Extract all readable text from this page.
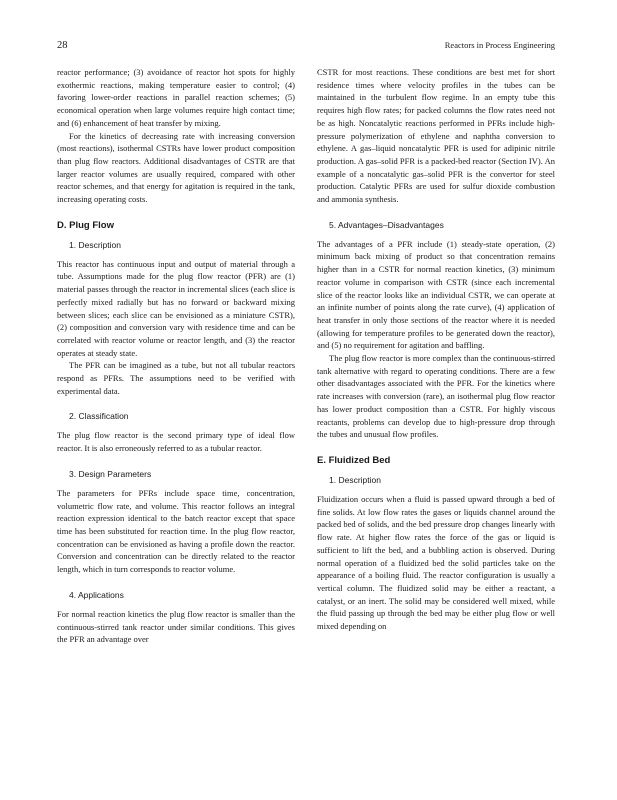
28	Reactors in Process Engineering

reactor performance; (3) avoidance of reactor hot spots for highly exothermic reactions, making temperature easier to control; (4) favoring lower-order reactions in parallel reaction schemes; (5) economical operation when large volumes require high contact time; and (6) enhancement of heat transfer by mixing.

For the kinetics of decreasing rate with increasing conversion (most reactions), isothermal CSTRs have lower product composition than plug flow reactors. Additional disadvantages of CSTR are that larger reactor volumes are usually required, compared with other reactor schemes, and that energy for agitation is required in the tank, increasing operating costs.

D. Plug Flow
1. Description

This reactor has continuous input and output of material through a tube. Assumptions made for the plug flow reactor (PFR) are (1) material passes through the reactor in incremental slices (each slice is perfectly mixed radially but has no forward or backward mixing between slices; each slice can be envisioned as a miniature CSTR), (2) composition and conversion vary with residence time and can be correlated with reactor volume or reactor length, and (3) the reactor operates at steady state.

The PFR can be imagined as a tube, but not all tubular reactors respond as PFRs. The assumptions need to be verified with experimental data.

2. Classification

The plug flow reactor is the second primary type of ideal flow reactor. It is also erroneously referred to as a tubular reactor.

3. Design Parameters

The parameters for PFRs include space time, concentration, volumetric flow rate, and volume. This reactor follows an integral reaction expression identical to the batch reactor except that space time has been substituted for reaction time. In the plug flow reactor, concentration can be envisioned as having a profile down the reactor. Conversion and concentration can be directly related to the reactor length, which in turn corresponds to reactor volume.

4. Applications

For normal reaction kinetics the plug flow reactor is smaller than the continuous-stirred tank reactor under similar conditions. This gives the PFR an advantage over

CSTR for most reactions. These conditions are best met for short residence times where velocity profiles in the tubes can be maintained in the turbulent flow regime. In an empty tube this requires high flow rates; for packed columns the flow rates need not be as high. Noncatalytic reactions performed in PFRs include high-pressure polymerization of ethylene and naphtha conversion to ethylene. A gas–liquid noncatalytic PFR is used for adipinic nitrile production. A gas–solid PFR is a packed-bed reactor (Section IV). An example of a noncatalytic gas–solid PFR is the convertor for steel production. Catalytic PFRs are used for sulfur dioxide combustion and ammonia synthesis.

5. Advantages–Disadvantages

The advantages of a PFR include (1) steady-state operation, (2) minimum back mixing of product so that concentration remains higher than in a CSTR for normal reaction kinetics, (3) minimum reactor volume in comparison with CSTR (since each incremental slice of the reactor looks like an individual CSTR, we can operate at an infinite number of points along the rate curve), (4) application of heat transfer in only those sections of the reactor where it is needed (allowing for temperature profiles to be generated down the reactor), and (5) no requirement for agitation and baffling.

The plug flow reactor is more complex than the continuous-stirred tank alternative with regard to operating conditions. There are a few other disadvantages associated with the PFR. For the kinetics where rate increases with conversion (rare), an isothermal plug flow reactor has lower product composition than a CSTR. For highly viscous reactants, problems can develop due to high-pressure drop through the tubes and unusual flow profiles.

E. Fluidized Bed
1. Description

Fluidization occurs when a fluid is passed upward through a bed of fine solids. At low flow rates the gases or liquids channel around the packed bed of solids, and the bed pressure drop changes linearly with flow rate. At higher flow rates the force of the gas or liquid is sufficient to lift the bed, and a bubbling action is observed. During normal operation of a fluidized bed the solid particles take on the appearance of a boiling fluid. The reactor configuration is usually a vertical column. The fluidized solid may be either a reactant, a catalyst, or an inert. The solid may be considered well mixed, while the fluid passing up through the bed may be either plug flow or well mixed depending on
